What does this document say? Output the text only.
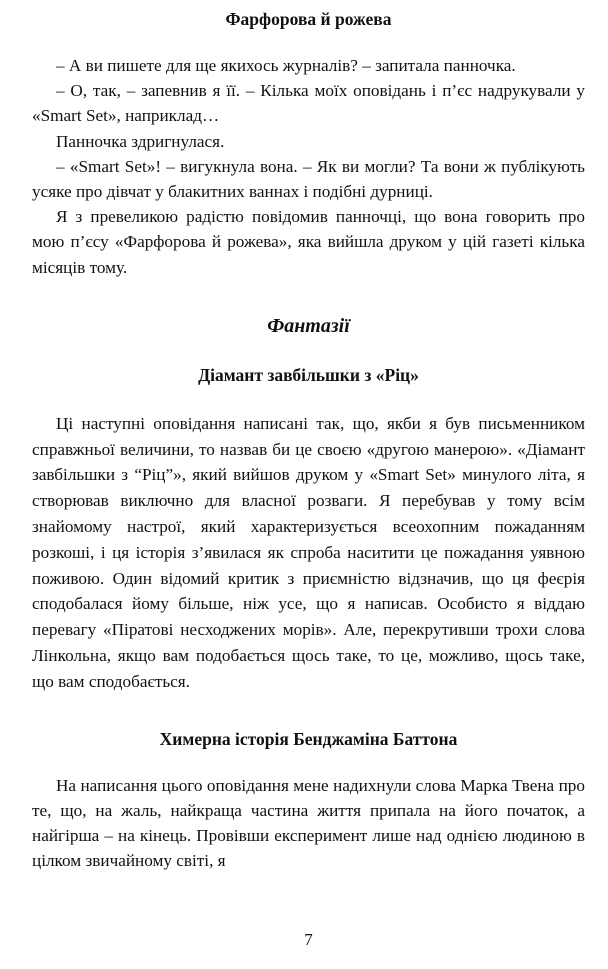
Фарфорова й рожева

– А ви пишете для ще якихось журналів? – запитала панночка.

– О, так, – запевнив я її. – Кілька моїх оповідань і п’єс надрукували у «Smart Set», наприклад…

Панночка здригнулася.

– «Smart Set»! – вигукнула вона. – Як ви могли? Та вони ж публікують усяке про дівчат у блакитних ваннах і подібні дурниці.

Я з превеликою радістю повідомив панночці, що вона говорить про мою п’єсу «Фарфорова й рожева», яка вийшла друком у цій газеті кілька місяців тому.

Фантазії
Діамант завбільшки з «Ріц»

Ці наступні оповідання написані так, що, якби я був письменником справжньої величини, то назвав би це своєю «другою манерою». «Діамант завбільшки з “Ріц”», який вийшов друком у «Smart Set» минулого літа, я створював виключно для власної розваги. Я перебував у тому всім знайомому настрої, який характеризується всеохопним пожаданням розкоші, і ця історія з’явилася як спроба наситити це пожадання уявною поживою. Один відомий критик з приємністю відзначив, що ця феєрія сподобалася йому більше, ніж усе, що я написав. Особисто я віддаю перевагу «Піратові несходжених морів». Але, перекрутивши трохи слова Лінкольна, якщо вам подобається щось таке, то це, можливо, щось таке, що вам сподобається.

Химерна історія Бенджаміна Баттона

На написання цього оповідання мене надихнули слова Марка Твена про те, що, на жаль, найкраща частина життя припала на його початок, а найгірша – на кінець. Провівши експеримент лише над однією людиною в цілком звичайному світі, я

7
